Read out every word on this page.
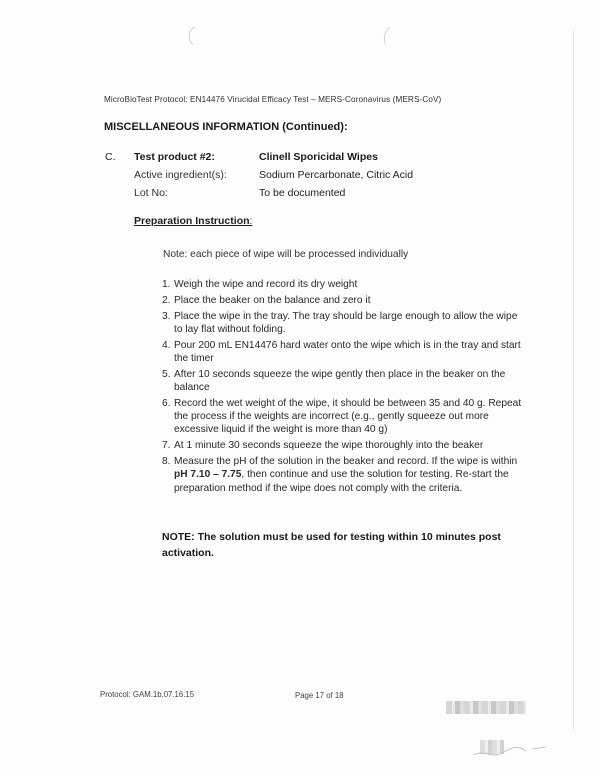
MicroBioTest Protocol: EN14476 Virucidal Efficacy Test – MERS-Coronavirus (MERS-CoV)
MISCELLANEOUS INFORMATION (Continued):
C. Test product #2:	Clinell Sporicidal Wipes
Active ingredient(s):	Sodium Percarbonate, Citric Acid
Lot No:	To be documented
Preparation Instruction:
Note: each piece of wipe will be processed individually
1. Weigh the wipe and record its dry weight
2. Place the beaker on the balance and zero it
3. Place the wipe in the tray. The tray should be large enough to allow the wipe to lay flat without folding.
4. Pour 200 mL EN14476 hard water onto the wipe which is in the tray and start the timer
5. After 10 seconds squeeze the wipe gently then place in the beaker on the balance
6. Record the wet weight of the wipe, it should be between 35 and 40 g. Repeat the process if the weights are incorrect (e.g., gently squeeze out more excessive liquid if the weight is more than 40 g)
7. At 1 minute 30 seconds squeeze the wipe thoroughly into the beaker
8. Measure the pH of the solution in the beaker and record. If the wipe is within pH 7.10 – 7.75, then continue and use the solution for testing. Re-start the preparation method if the wipe does not comply with the criteria.
NOTE: The solution must be used for testing within 10 minutes post activation.
Protocol: GAM.1b.07.16.15	Page 17 of 18
